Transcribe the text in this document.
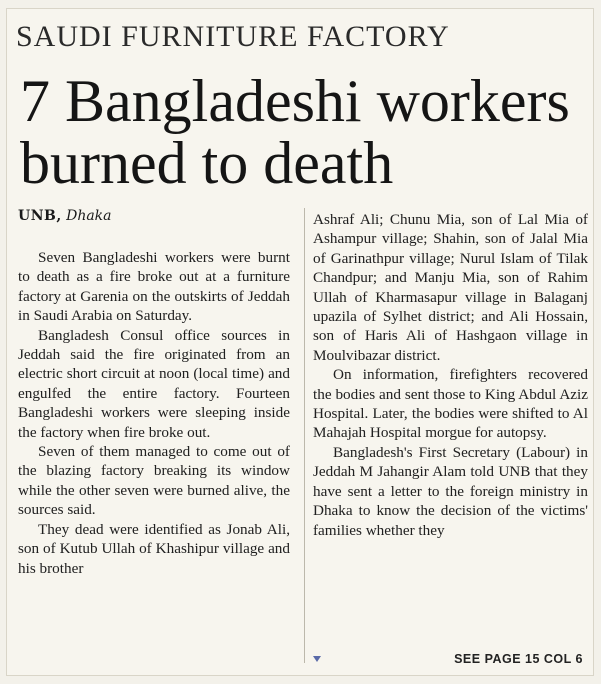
SAUDI FURNITURE FACTORY
7 Bangladeshi workers burned to death
UNB, Dhaka

Seven Bangladeshi workers were burnt to death as a fire broke out at a furniture factory at Garenia on the outskirts of Jeddah in Saudi Arabia on Saturday.

Bangladesh Consul office sources in Jeddah said the fire originated from an electric short circuit at noon (local time) and engulfed the entire factory. Fourteen Bangladeshi workers were sleeping inside the factory when fire broke out.

Seven of them managed to come out of the blazing factory breaking its window while the other seven were burned alive, the sources said.

They dead were identified as Jonab Ali, son of Kutub Ullah of Khashipur village and his brother

Ashraf Ali; Chunu Mia, son of Lal Mia of Ashampur village; Shahin, son of Jalal Mia of Garinathpur village; Nurul Islam of Tilak Chandpur; and Manju Mia, son of Rahim Ullah of Kharmasapur village in Balaganj upazila of Sylhet district; and Ali Hossain, son of Haris Ali of Hashgaon village in Moulvibazar district.

On information, firefighters recovered the bodies and sent those to King Abdul Aziz Hospital. Later, the bodies were shifted to Al Mahajah Hospital morgue for autopsy.

Bangladesh's First Secretary (Labour) in Jeddah M Jahangir Alam told UNB that they have sent a letter to the foreign ministry in Dhaka to know the decision of the victims' families whether they

SEE PAGE 15 COL 6
